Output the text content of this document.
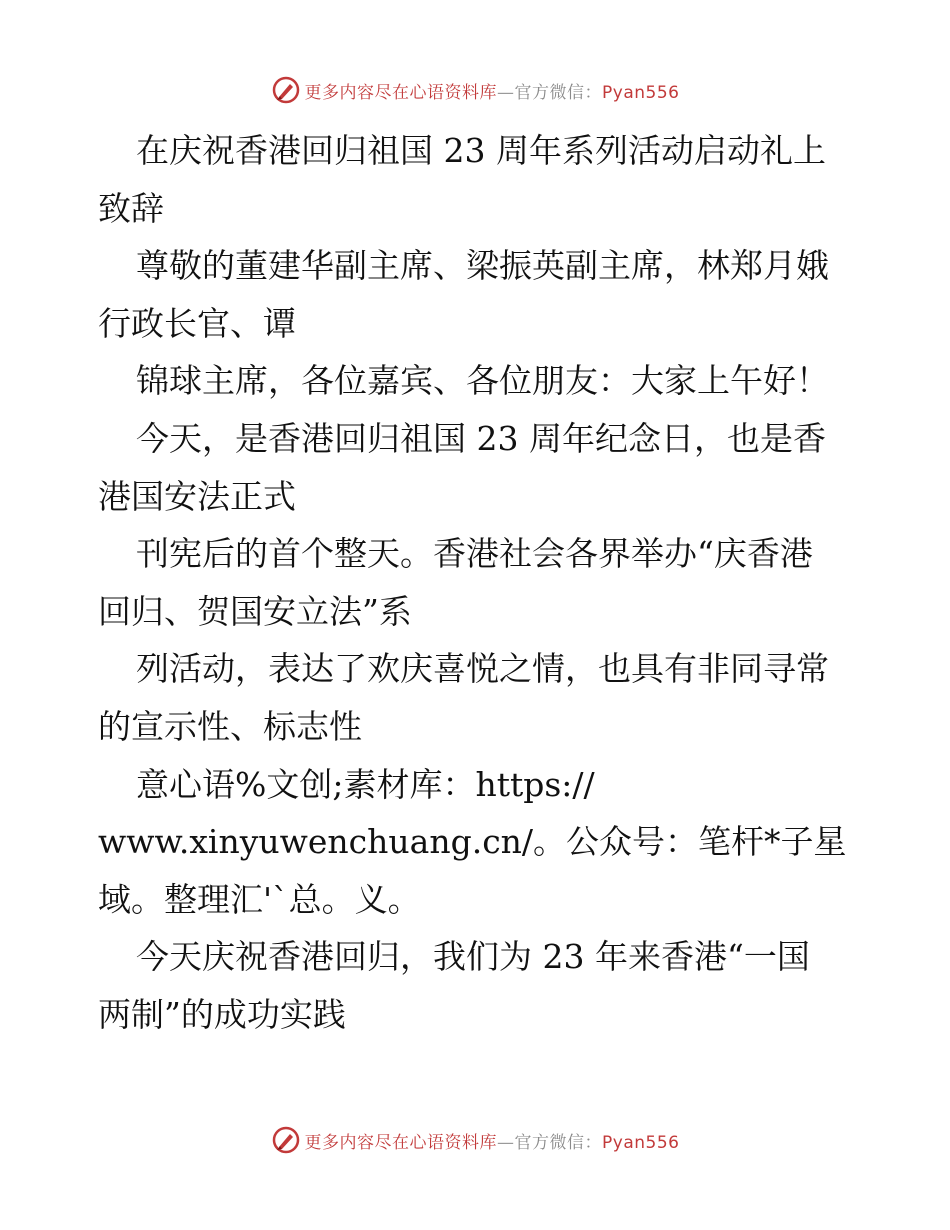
更多内容尽在心语资料库—官方微信：Pyan556
在庆祝香港回归祖国 23 周年系列活动启动礼上
致辞
尊敬的董建华副主席、梁振英副主席，林郑月娥
行政长官、谭
锦球主席，各位嘉宾、各位朋友：大家上午好！
今天，是香港回归祖国 23 周年纪念日，也是香
港国安法正式
刊宪后的首个整天。香港社会各界举办“庆香港
回归、贺国安立法”系
列活动，表达了欢庆喜悦之情，也具有非同寻常
的宣示性、标志性
意心语%文创;素材库：https://
www.xinyuwenchuang.cn/。公众号：笔杆*子星
域。整理汇'`总。义。
今天庆祝香港回归，我们为 23 年来香港“一国
两制”的成功实践
更多内容尽在心语资料库—官方微信：Pyan556
